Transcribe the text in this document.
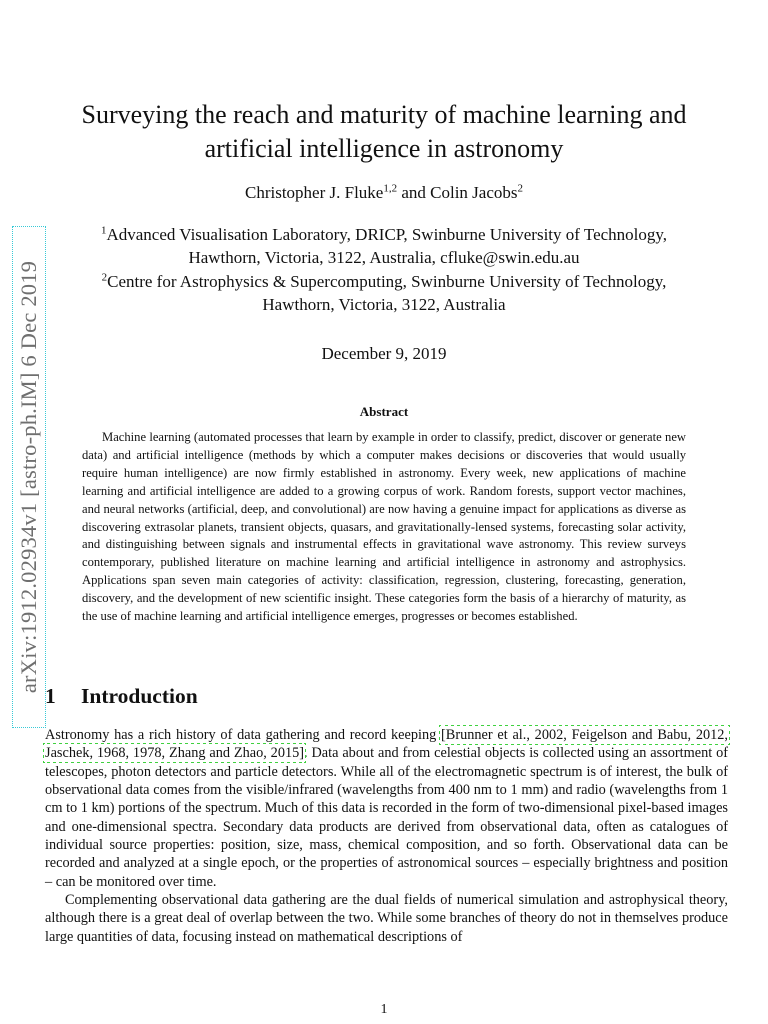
arXiv:1912.02934v1 [astro-ph.IM] 6 Dec 2019
Surveying the reach and maturity of machine learning and
artificial intelligence in astronomy
Christopher J. Fluke$^{1,2}$ and Colin Jacobs$^2$
$^1$Advanced Visualisation Laboratory, DRICP, Swinburne University of Technology,
Hawthorn, Victoria, 3122, Australia, cfluke@swin.edu.au
$^2$Centre for Astrophysics & Supercomputing, Swinburne University of Technology,
Hawthorn, Victoria, 3122, Australia
December 9, 2019
Abstract

Machine learning (automated processes that learn by example in order to classify, predict, discover or generate new data) and artificial intelligence (methods by which a computer makes decisions or discoveries that would usually require human intelligence) are now firmly established in astronomy. Every week, new applications of machine learning and artificial intelligence are added to a growing corpus of work. Random forests, support vector machines, and neural networks (artificial, deep, and convolutional) are now having a genuine impact for applications as diverse as discovering extrasolar planets, transient objects, quasars, and gravitationally-lensed systems, forecasting solar activity, and distinguishing between signals and instrumental effects in gravitational wave astronomy. This review surveys contemporary, published literature on machine learning and artificial intelligence in astronomy and astrophysics. Applications span seven main categories of activity: classification, regression, clustering, forecasting, generation, discovery, and the development of new scientific insight. These categories form the basis of a hierarchy of maturity, as the use of machine learning and artificial intelligence emerges, progresses or becomes established.

1 Introduction

Astronomy has a rich history of data gathering and record keeping [Brunner et al., 2002, Feigelson and Babu, 2012, Jaschek, 1968, 1978, Zhang and Zhao, 2015]. Data about and from celestial objects is collected using an assortment of telescopes, photon detectors and particle detectors. While all of the electromagnetic spectrum is of interest, the bulk of observational data comes from the visible/infrared (wavelengths from 400 nm to 1 mm) and radio (wavelengths from 1 cm to 1 km) portions of the spectrum. Much of this data is recorded in the form of two-dimensional pixel-based images and one-dimensional spectra. Secondary data products are derived from observational data, often as catalogues of individual source properties: position, size, mass, chemical composition, and so forth. Observational data can be recorded and analyzed at a single epoch, or the properties of astronomical sources – especially brightness and position – can be monitored over time.

Complementing observational data gathering are the dual fields of numerical simulation and astrophysical theory, although there is a great deal of overlap between the two. While some branches of theory do not in themselves produce large quantities of data, focusing instead on mathematical descriptions of

1
